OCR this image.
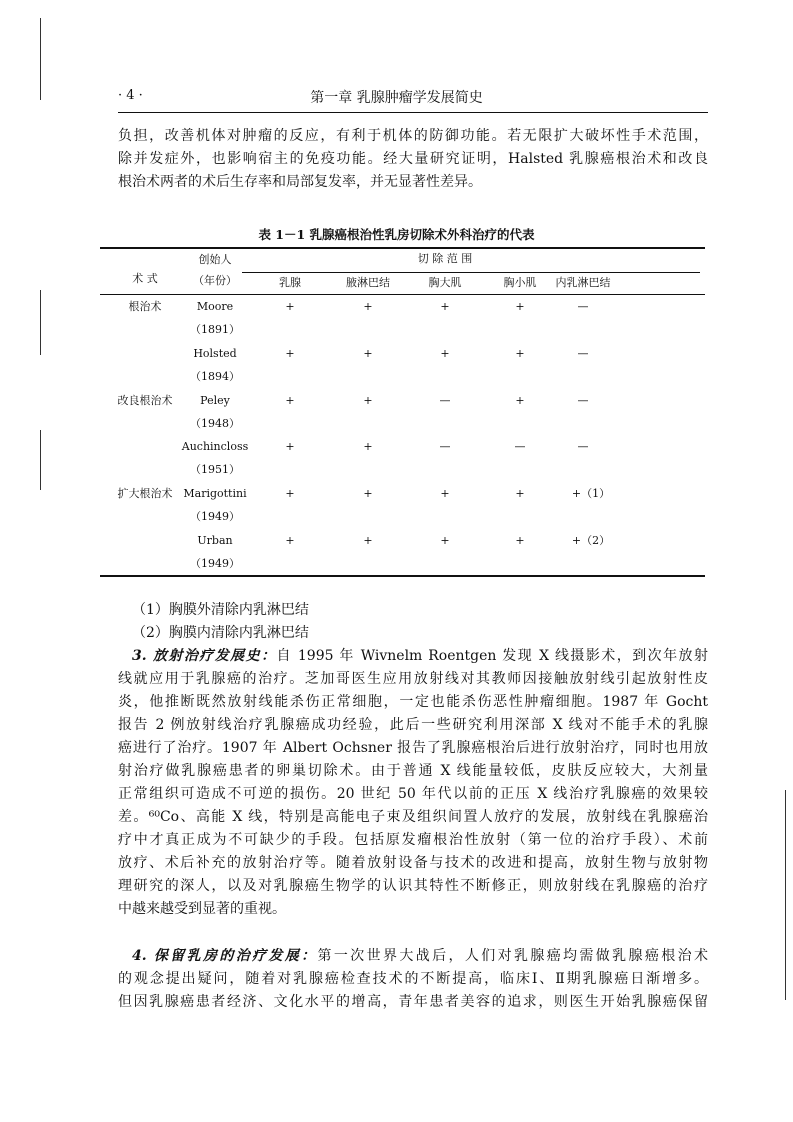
· 4 ·	第一章 乳腺肿瘤学发展简史
负担，改善机体对肿瘤的反应，有利于机体的防御功能。若无限扩大破坏性手术范围，
除并发症外，也影响宿主的免疫功能。经大量研究证明，Halsted 乳腺癌根治术和改良
根治术两者的术后生存率和局部复发率，并无显著性差异。
表 1－1 乳腺癌根治性乳房切除术外科治疗的代表
术 式
创始人
（年份）
切 除 范 围
乳腺	腋淋巴结	胸大肌	胸小肌	内乳淋巴结
根治术	Moore
（1891）
+	+	+	+	—
Holsted
（1894）
+	+	+	+	—
改良根治术	Peley
（1948）
+	+	—	+	—
Auchincloss
（1951）
+	+	—	—	—
扩大根治术 Marigottini
（1949）
+	+	+	+	+（1）
Urban
（1949）
+	+	+	+	+（2）
（1）胸膜外清除内乳淋巴结
（2）胸膜内清除内乳淋巴结
3. 放射治疗发展史：自 1995 年 Wivnelm Roentgen 发现 X 线摄影术，到次年放射
线就应用于乳腺癌的治疗。芝加哥医生应用放射线对其教师因接触放射线引起放射性皮
炎，他推断既然放射线能杀伤正常细胞，一定也能杀伤恶性肿瘤细胞。1987 年 Gocht
报告 2 例放射线治疗乳腺癌成功经验，此后一些研究利用深部 X 线对不能手术的乳腺
癌进行了治疗。1907 年 Albert Ochsner 报告了乳腺癌根治后进行放射治疗，同时也用放
射治疗做乳腺癌患者的卵巢切除术。由于普通 X 线能量较低，皮肤反应较大，大剂量
正常组织可造成不可逆的损伤。20 世纪 50 年代以前的正压 X 线治疗乳腺癌的效果较
差。⁶⁰Co、高能 X 线，特别是高能电子束及组织间置人放疗的发展，放射线在乳腺癌治
疗中才真正成为不可缺少的手段。包括原发瘤根治性放射（第一位的治疗手段）、术前
放疗、术后补充的放射治疗等。随着放射设备与技术的改进和提高，放射生物与放射物
理研究的深人，以及对乳腺癌生物学的认识其特性不断修正，则放射线在乳腺癌的治疗
中越来越受到显著的重视。
4. 保留乳房的治疗发展：第一次世界大战后，人们对乳腺癌均需做乳腺癌根治术
的观念提出疑问，随着对乳腺癌检查技术的不断提高，临床Ⅰ、Ⅱ期乳腺癌日渐增多。
但因乳腺癌患者经济、文化水平的增高，青年患者美容的追求，则医生开始乳腺癌保留
